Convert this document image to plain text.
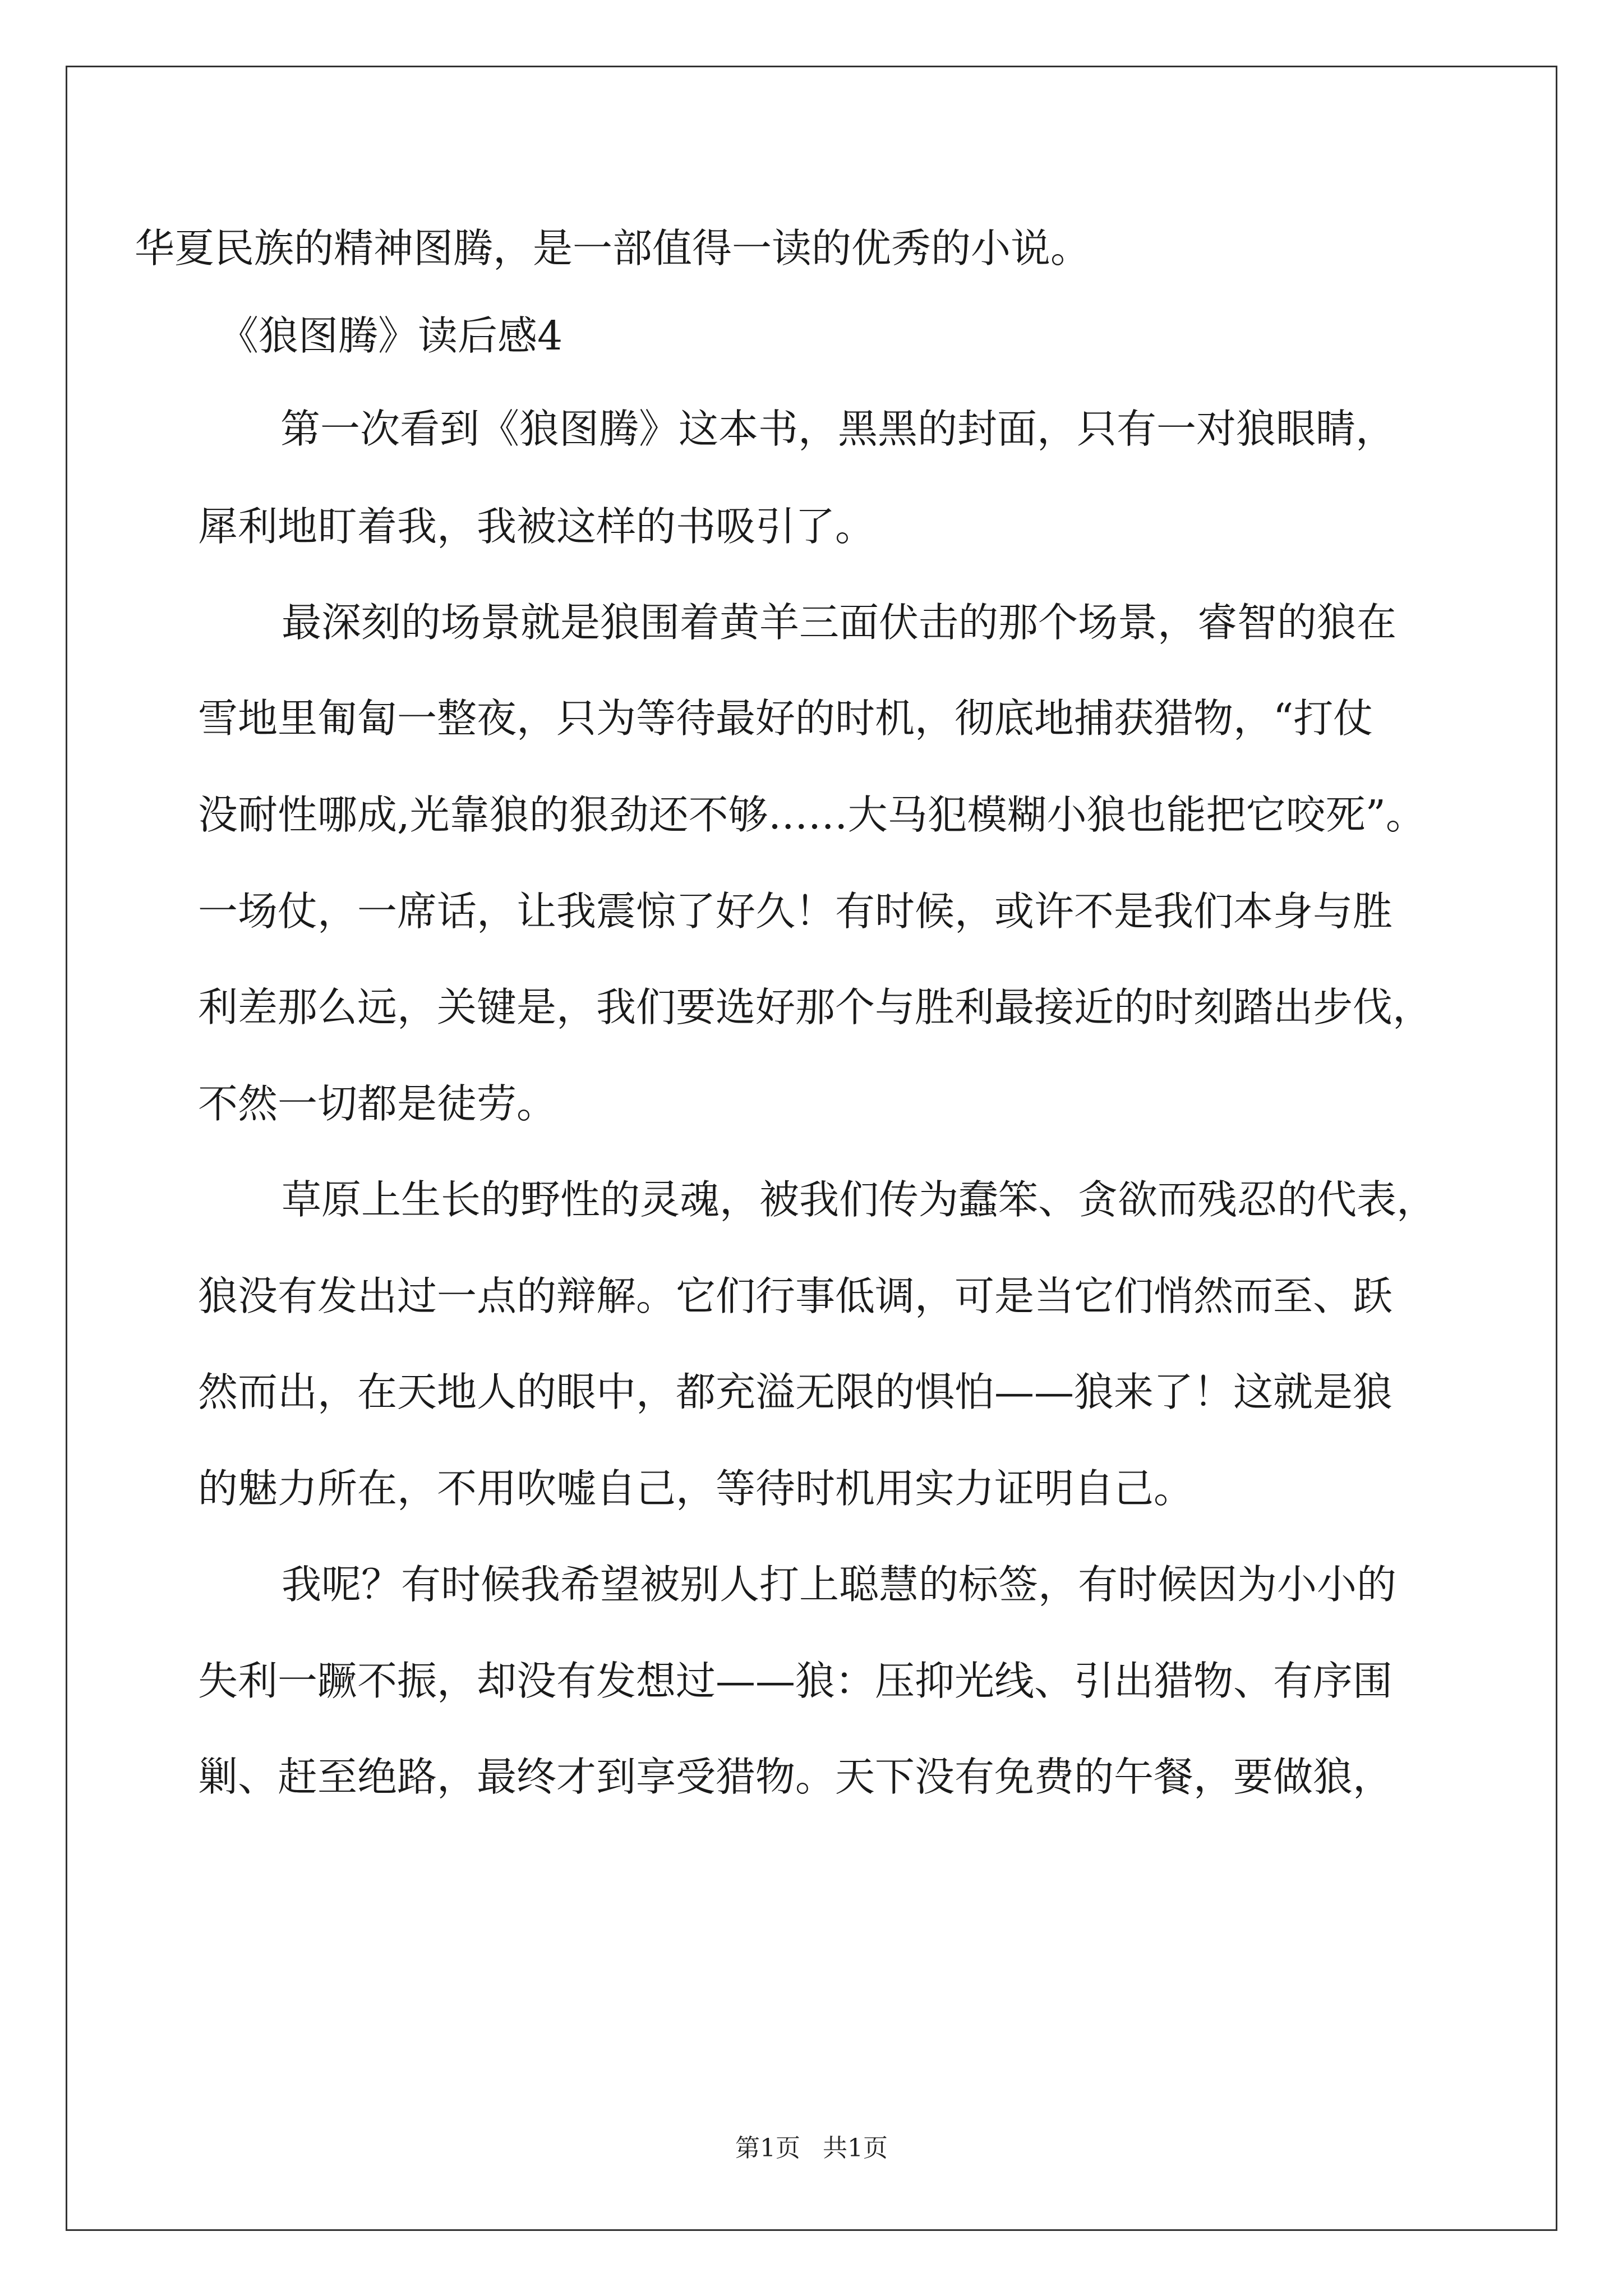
华夏民族的精神图腾，是一部值得一读的优秀的小说。
《狼图腾》读后感4
第一次看到《狼图腾》这本书，黑黑的封面，只有一对狼眼睛，
犀利地盯着我，我被这样的书吸引了。
最深刻的场景就是狼围着黄羊三面伏击的那个场景，睿智的狼在
雪地里匍匐一整夜，只为等待最好的时机，彻底地捕获猎物，“打仗
没耐性哪成,光靠狼的狠劲还不够……大马犯模糊小狼也能把它咬死”。
一场仗，一席话，让我震惊了好久！有时候，或许不是我们本身与胜
利差那么远，关键是，我们要选好那个与胜利最接近的时刻踏出步伐，
不然一切都是徒劳。
草原上生长的野性的灵魂，被我们传为蠢笨、贪欲而残忍的代表，
狼没有发出过一点的辩解。它们行事低调，可是当它们悄然而至、跃
然而出，在天地人的眼中，都充溢无限的惧怕——狼来了！这就是狼
的魅力所在，不用吹嘘自己，等待时机用实力证明自己。
我呢？有时候我希望被别人打上聪慧的标签，有时候因为小小的
失利一蹶不振，却没有发想过——狼：压抑光线、引出猎物、有序围
剿、赶至绝路，最终才到享受猎物。天下没有免费的午餐，要做狼，
第1页 共1页
